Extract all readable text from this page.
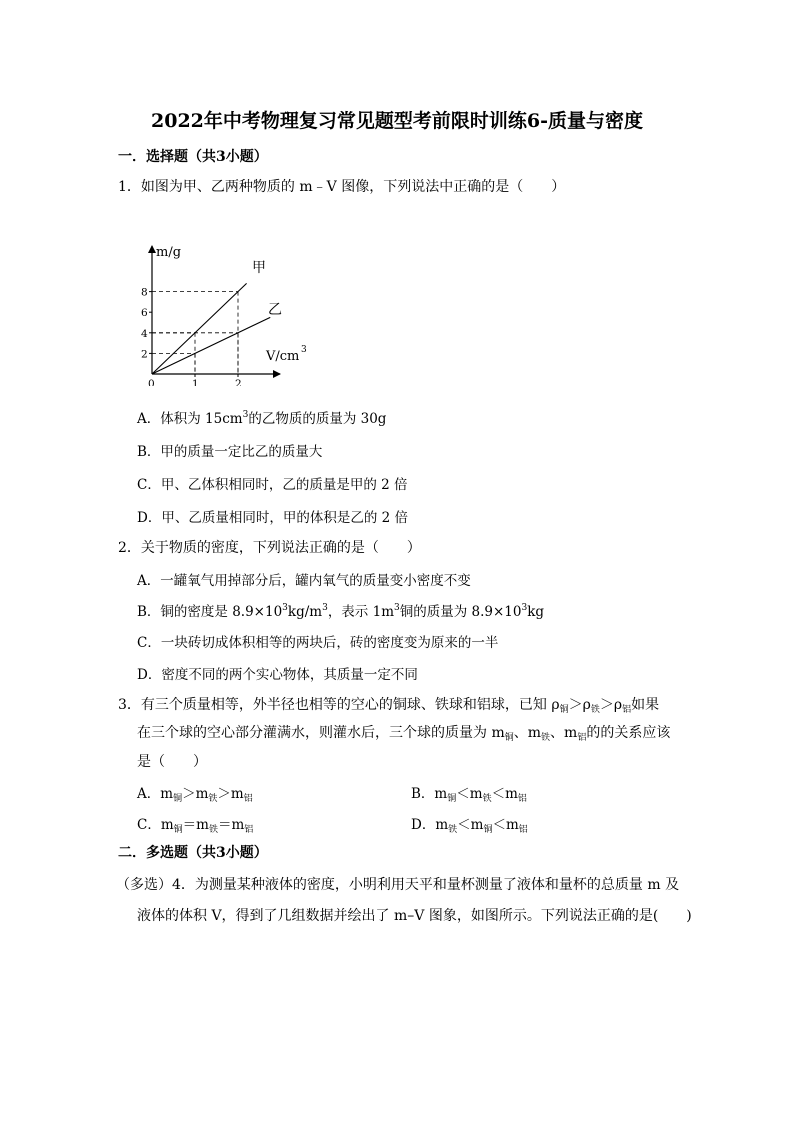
2022年中考物理复习常见题型考前限时训练6-质量与密度
一．选择题（共3小题）
1．如图为甲、乙两种物质的 m﹣V 图像，下列说法中正确的是（　　）
8
6
4
2
0	1	2
m/g
V/cm 3
甲
乙
A．体积为 $15cm^3$的乙物质的质量为 30g
B．甲的质量一定比乙的质量大
C．甲、乙体积相同时，乙的质量是甲的 2 倍
D．甲、乙质量相同时，甲的体积是乙的 2 倍
2．关于物质的密度，下列说法正确的是（　　）
A．一罐氧气用掉部分后，罐内氧气的质量变小密度不变
B．铜的密度是 $8.9\times 10^3kg/m^3$，表示 $1m^3$铜的质量为 $8.9\times 10^3kg$
C．一块砖切成体积相等的两块后，砖的密度变为原来的一半
D．密度不同的两个实心物体，其质量一定不同
3．有三个质量相等，外半径也相等的空心的铜球、铁球和铝球，已知 $\rho_铜>\rho_铁>\rho_铝$如果
在三个球的空心部分灌满水，则灌水后，三个球的质量为 $m_铜$、$m_铁$、$m_铝$的的关系应该
是（　　）
A．$m_铜>m_铁>m_铝$	B．$m_铜<m_铁<m_铝$
C．$m_铜=m_铁=m_铝$	D．$m_铁<m_铜<m_铝$
二．多选题（共3小题）
（多选）4．为测量某种液体的密度，小明利用天平和量杯测量了液体和量杯的总质量 m 及
液体的体积 V，得到了几组数据并绘出了 m–V 图象，如图所示。下列说法正确的是(　　)
